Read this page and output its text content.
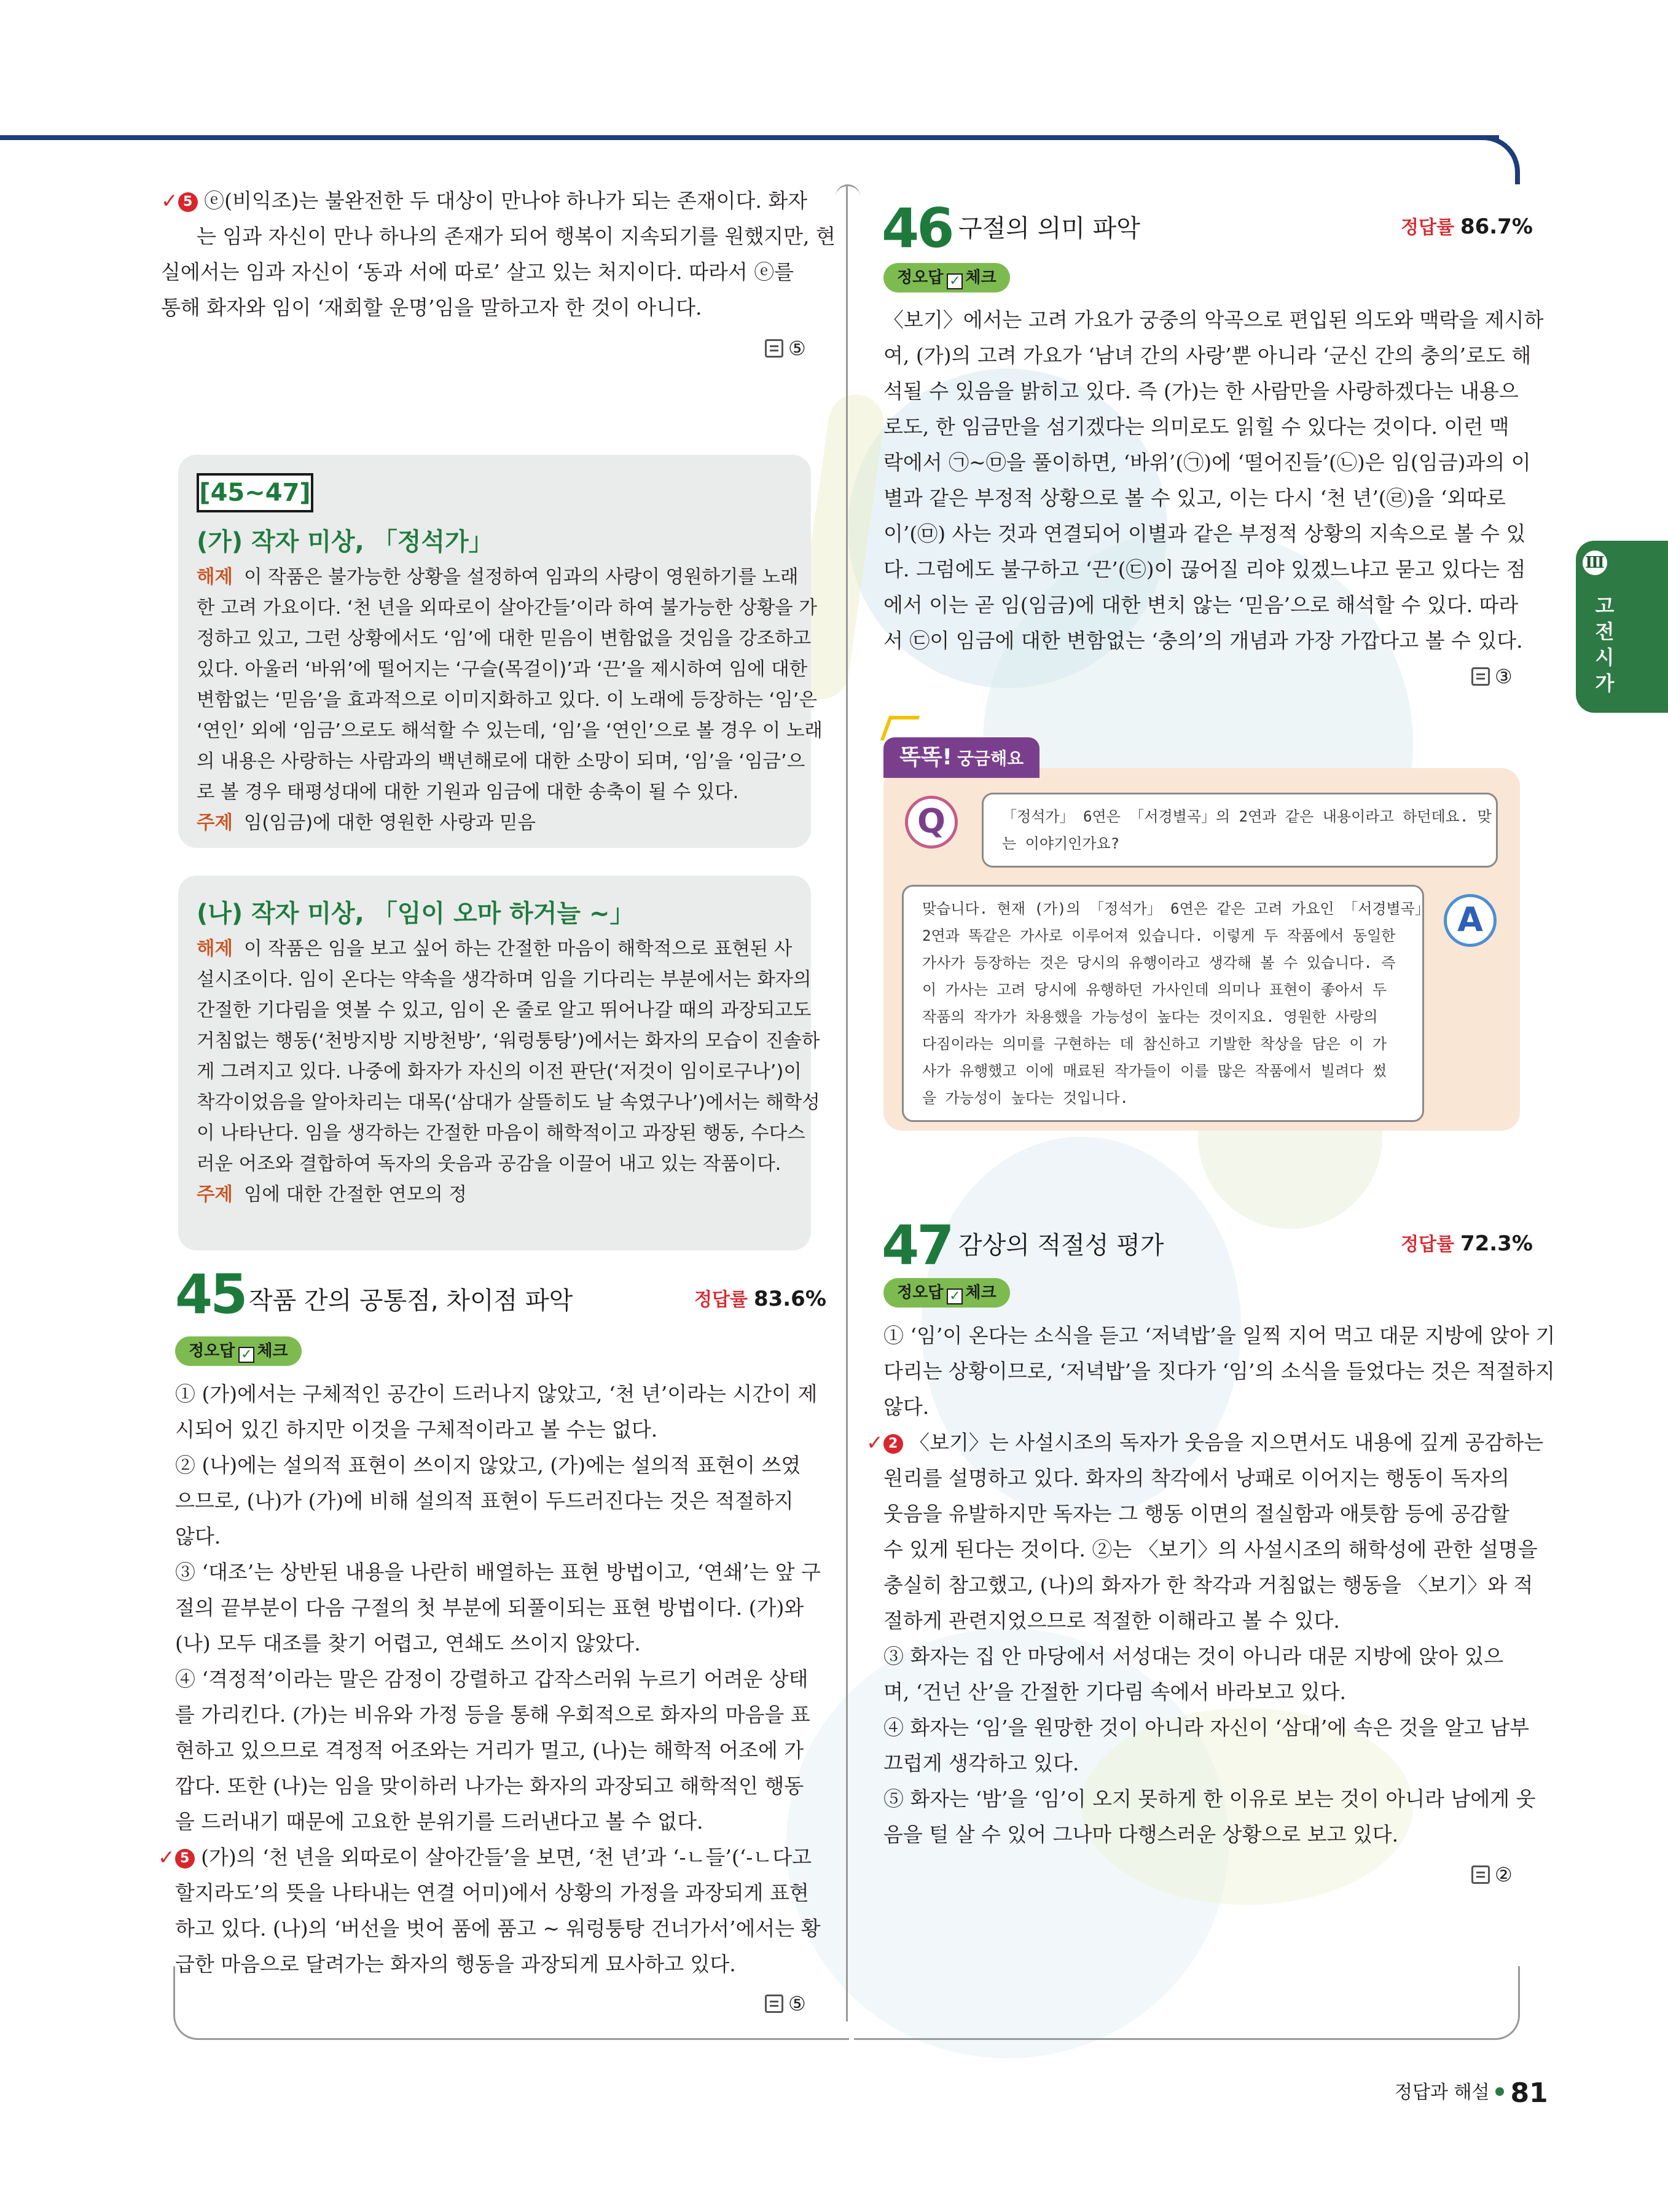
✓ 5 ⓔ(비익조)는 불완전한 두 대상이 만나야 하나가 되는 존재이다. 화자
는 임과 자신이 만나 하나의 존재가 되어 행복이 지속되기를 원했지만, 현
실에서는 임과 자신이 ‘동과 서에 따로’ 살고 있는 처지이다. 따라서 ⓔ를
통해 화자와 임이 ‘재회할 운명’임을 말하고자 한 것이 아니다.
⑤
[45~47]
(가) 작자 미상, 「정석가」
해제 이 작품은 불가능한 상황을 설정하여 임과의 사랑이 영원하기를 노래
한 고려 가요이다. ‘천 년을 외따로이 살아간들’이라 하여 불가능한 상황을 가
정하고 있고, 그런 상황에서도 ‘임’에 대한 믿음이 변함없을 것임을 강조하고
있다. 아울러 ‘바위’에 떨어지는 ‘구슬(목걸이)’과 ‘끈’을 제시하여 임에 대한
변함없는 ‘믿음’을 효과적으로 이미지화하고 있다. 이 노래에 등장하는 ‘임’은
‘연인’ 외에 ‘임금’으로도 해석할 수 있는데, ‘임’을 ‘연인’으로 볼 경우 이 노래
의 내용은 사랑하는 사람과의 백년해로에 대한 소망이 되며, ‘임’을 ‘임금’으
로 볼 경우 태평성대에 대한 기원과 임금에 대한 송축이 될 수 있다.
주제 임(임금)에 대한 영원한 사랑과 믿음
(나) 작자 미상, 「임이 오마 하거늘 ~」
해제 이 작품은 임을 보고 싶어 하는 간절한 마음이 해학적으로 표현된 사
설시조이다. 임이 온다는 약속을 생각하며 임을 기다리는 부분에서는 화자의
간절한 기다림을 엿볼 수 있고, 임이 온 줄로 알고 뛰어나갈 때의 과장되고도
거침없는 행동(‘천방지방 지방천방’, ‘워렁퉁탕’)에서는 화자의 모습이 진솔하
게 그려지고 있다. 나중에 화자가 자신의 이전 판단(‘저것이 임이로구나’)이
착각이었음을 알아차리는 대목(‘삼대가 살뜰히도 날 속였구나’)에서는 해학성
이 나타난다. 임을 생각하는 간절한 마음이 해학적이고 과장된 행동, 수다스
러운 어조와 결합하여 독자의 웃음과 공감을 이끌어 내고 있는 작품이다.
주제 임에 대한 간절한 연모의 정
45 작품 간의 공통점, 차이점 파악	정답률 83.6%
정오답 ✓ 체크
① (가)에서는 구체적인 공간이 드러나지 않았고, ‘천 년’이라는 시간이 제
시되어 있긴 하지만 이것을 구체적이라고 볼 수는 없다.
② (나)에는 설의적 표현이 쓰이지 않았고, (가)에는 설의적 표현이 쓰였
으므로, (나)가 (가)에 비해 설의적 표현이 두드러진다는 것은 적절하지
않다.
③ ‘대조’는 상반된 내용을 나란히 배열하는 표현 방법이고, ‘연쇄’는 앞 구
절의 끝부분이 다음 구절의 첫 부분에 되풀이되는 표현 방법이다. (가)와
(나) 모두 대조를 찾기 어렵고, 연쇄도 쓰이지 않았다.
④ ‘격정적’이라는 말은 감정이 강렬하고 갑작스러워 누르기 어려운 상태
를 가리킨다. (가)는 비유와 가정 등을 통해 우회적으로 화자의 마음을 표
현하고 있으므로 격정적 어조와는 거리가 멀고, (나)는 해학적 어조에 가
깝다. 또한 (나)는 임을 맞이하러 나가는 화자의 과장되고 해학적인 행동
을 드러내기 때문에 고요한 분위기를 드러낸다고 볼 수 없다.
✓ 5 (가)의 ‘천 년을 외따로이 살아간들’을 보면, ‘천 년’과 ‘-ㄴ들’(‘-ㄴ다고
할지라도’의 뜻을 나타내는 연결 어미)에서 상황의 가정을 과장되게 표현
하고 있다. (나)의 ‘버선을 벗어 품에 품고 ~ 워렁퉁탕 건너가서’에서는 황
급한 마음으로 달려가는 화자의 행동을 과장되게 묘사하고 있다.
⑤
46 구절의 의미 파악	정답률 86.7%
정오답 ✓ 체크
〈보기〉에서는 고려 가요가 궁중의 악곡으로 편입된 의도와 맥락을 제시하
여, (가)의 고려 가요가 ‘남녀 간의 사랑’뿐 아니라 ‘군신 간의 충의’로도 해
석될 수 있음을 밝히고 있다. 즉 (가)는 한 사람만을 사랑하겠다는 내용으
로도, 한 임금만을 섬기겠다는 의미로도 읽힐 수 있다는 것이다. 이런 맥
락에서 ㉠~㉤을 풀이하면, ‘바위’(㉠)에 ‘떨어진들’(㉡)은 임(임금)과의 이
별과 같은 부정적 상황으로 볼 수 있고, 이는 다시 ‘천 년’(㉣)을 ‘외따로
이’(㉤) 사는 것과 연결되어 이별과 같은 부정적 상황의 지속으로 볼 수 있
다. 그럼에도 불구하고 ‘끈’(㉢)이 끊어질 리야 있겠느냐고 묻고 있다는 점
에서 이는 곧 임(임금)에 대한 변치 않는 ‘믿음’으로 해석할 수 있다. 따라
서 ㉢이 임금에 대한 변함없는 ‘충의’의 개념과 가장 가깝다고 볼 수 있다.
③
똑똑! 궁금해요
Q	「정석가」 6연은 「서경별곡」의 2연과 같은 내용이라고 하던데요. 맞
는 이야기인가요?
A
맞습니다. 현재 (가)의 「정석가」 6연은 같은 고려 가요인 「서경별곡」
2연과 똑같은 가사로 이루어져 있습니다. 이렇게 두 작품에서 동일한
가사가 등장하는 것은 당시의 유행이라고 생각해 볼 수 있습니다. 즉
이 가사는 고려 당시에 유행하던 가사인데 의미나 표현이 좋아서 두
작품의 작가가 차용했을 가능성이 높다는 것이지요. 영원한 사랑의
다짐이라는 의미를 구현하는 데 참신하고 기발한 착상을 담은 이 가
사가 유행했고 이에 매료된 작가들이 이를 많은 작품에서 빌려다 썼
을 가능성이 높다는 것입니다.
47 감상의 적절성 평가	정답률 72.3%
정오답 ✓ 체크
① ‘임’이 온다는 소식을 듣고 ‘저녁밥’을 일찍 지어 먹고 대문 지방에 앉아 기
다리는 상황이므로, ‘저녁밥’을 짓다가 ‘임’의 소식을 들었다는 것은 적절하지
않다.
✓ 2 〈보기〉는 사설시조의 독자가 웃음을 지으면서도 내용에 깊게 공감하는
원리를 설명하고 있다. 화자의 착각에서 낭패로 이어지는 행동이 독자의
웃음을 유발하지만 독자는 그 행동 이면의 절실함과 애틋함 등에 공감할
수 있게 된다는 것이다. ②는 〈보기〉의 사설시조의 해학성에 관한 설명을
충실히 참고했고, (나)의 화자가 한 착각과 거침없는 행동을 〈보기〉와 적
절하게 관련지었으므로 적절한 이해라고 볼 수 있다.
③ 화자는 집 안 마당에서 서성대는 것이 아니라 대문 지방에 앉아 있으
며, ‘건넌 산’을 간절한 기다림 속에서 바라보고 있다.
④ 화자는 ‘임’을 원망한 것이 아니라 자신이 ‘삼대’에 속은 것을 알고 남부
끄럽게 생각하고 있다.
⑤ 화자는 ‘밤’을 ‘임’이 오지 못하게 한 이유로 보는 것이 아니라 남에게 웃
음을 털 살 수 있어 그나마 다행스러운 상황으로 보고 있다.
②
Ⅲ
고
전
시
가
정답과 해설 81
